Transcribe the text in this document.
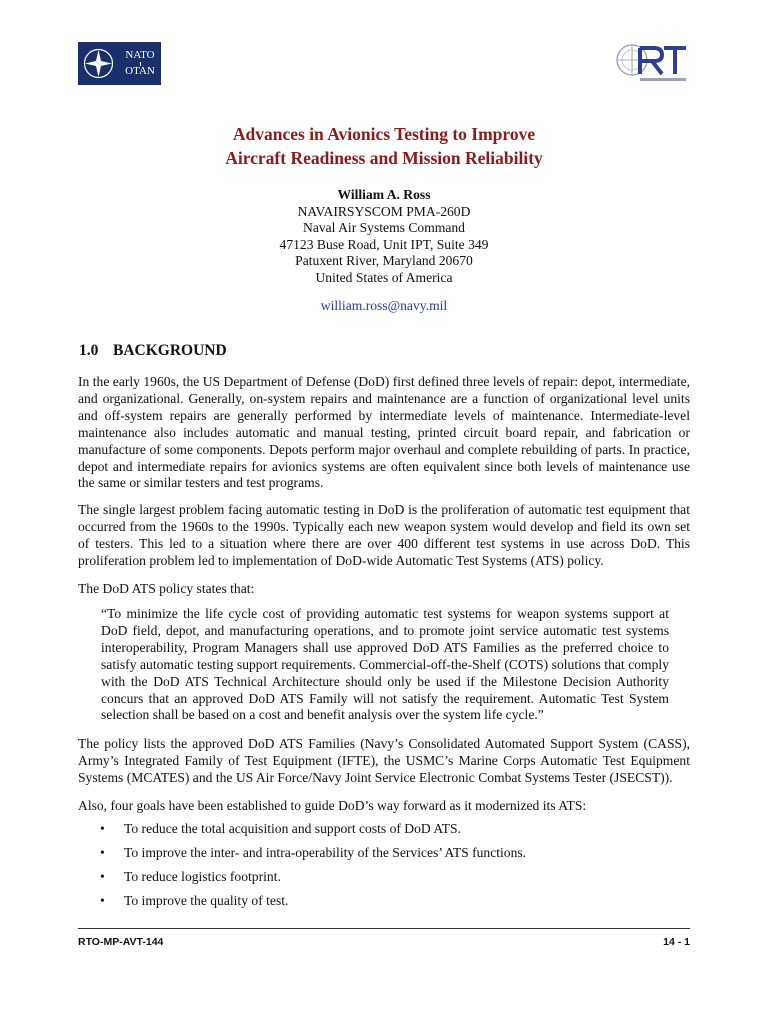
NATO
OTAN
Advances in Avionics Testing to Improve
Aircraft Readiness and Mission Reliability
William A. Ross
NAVAIRSYSCOM PMA-260D
Naval Air Systems Command
47123 Buse Road, Unit IPT, Suite 349
Patuxent River, Maryland 20670
United States of America
william.ross@navy.mil
1.0 BACKGROUND

In the early 1960s, the US Department of Defense (DoD) first defined three levels of repair: depot, intermediate, and organizational. Generally, on-system repairs and maintenance are a function of organizational level units and off-system repairs are generally performed by intermediate levels of maintenance. Intermediate-level maintenance also includes automatic and manual testing, printed circuit board repair, and fabrication or manufacture of some components. Depots perform major overhaul and complete rebuilding of parts. In practice, depot and intermediate repairs for avionics systems are often equivalent since both levels of maintenance use the same or similar testers and test programs.

The single largest problem facing automatic testing in DoD is the proliferation of automatic test equipment that occurred from the 1960s to the 1990s. Typically each new weapon system would develop and field its own set of testers. This led to a situation where there are over 400 different test systems in use across DoD. This proliferation problem led to implementation of DoD-wide Automatic Test Systems (ATS) policy.

The DoD ATS policy states that:

“To minimize the life cycle cost of providing automatic test systems for weapon systems support at DoD field, depot, and manufacturing operations, and to promote joint service automatic test systems interoperability, Program Managers shall use approved DoD ATS Families as the preferred choice to satisfy automatic testing support requirements. Commercial-off-the-Shelf (COTS) solutions that comply with the DoD ATS Technical Architecture should only be used if the Milestone Decision Authority concurs that an approved DoD ATS Family will not satisfy the requirement. Automatic Test System selection shall be based on a cost and benefit analysis over the system life cycle.”

The policy lists the approved DoD ATS Families (Navy’s Consolidated Automated Support System (CASS), Army’s Integrated Family of Test Equipment (IFTE), the USMC’s Marine Corps Automatic Test Equipment Systems (MCATES) and the US Air Force/Navy Joint Service Electronic Combat Systems Tester (JSECST)).

Also, four goals have been established to guide DoD’s way forward as it modernized its ATS:

•	To reduce the total acquisition and support costs of DoD ATS.
•	To improve the inter- and intra-operability of the Services’ ATS functions.
•	To reduce logistics footprint.
•	To improve the quality of test.
RTO-MP-AVT-144	14 - 1
